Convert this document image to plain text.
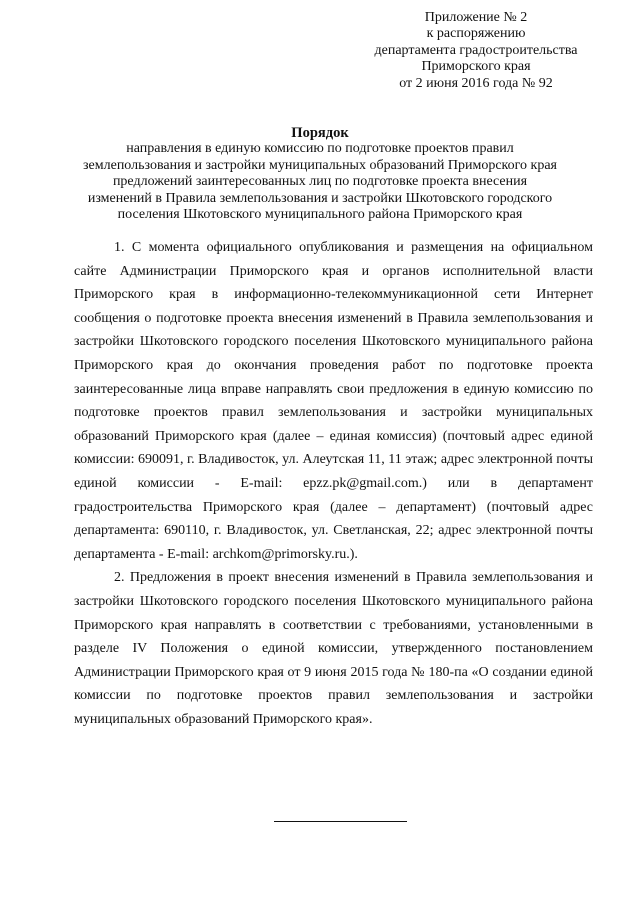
Приложение № 2
к распоряжению
департамента градостроительства
Приморского края
от 2 июня 2016 года № 92
Порядок
направления в единую комиссию по подготовке проектов правил
землепользования и застройки муниципальных образований Приморского края
предложений заинтересованных лиц по подготовке проекта внесения
изменений в Правила землепользования и застройки Шкотовского городского
поселения Шкотовского муниципального района Приморского края

1. С момента официального опубликования и размещения на официальном сайте Администрации Приморского края и органов исполнительной власти Приморского края в информационно-телекоммуникационной сети Интернет сообщения о подготовке проекта внесения изменений в Правила землепользования и застройки Шкотовского городского поселения Шкотовского муниципального района Приморского края до окончания проведения работ по подготовке проекта заинтересованные лица вправе направлять свои предложения в единую комиссию по подготовке проектов правил землепользования и застройки муниципальных образований Приморского края (далее – единая комиссия) (почтовый адрес единой комиссии: 690091, г. Владивосток, ул. Алеутская 11, 11 этаж; адрес электронной почты единой комиссии - E-mail: epzz.pk@gmail.com.) или в департамент градостроительства Приморского края (далее – департамент) (почтовый адрес департамента: 690110, г. Владивосток, ул. Светланская, 22; адрес электронной почты департамента - E-mail: archkom@primorsky.ru.).

2. Предложения в проект внесения изменений в Правила землепользования и застройки Шкотовского городского поселения Шкотовского муниципального района Приморского края направлять в соответствии с требованиями, установленными в разделе IV Положения о единой комиссии, утвержденного постановлением Администрации Приморского края от 9 июня 2015 года № 180-па «О создании единой комиссии по подготовке проектов правил землепользования и застройки муниципальных образований Приморского края».
